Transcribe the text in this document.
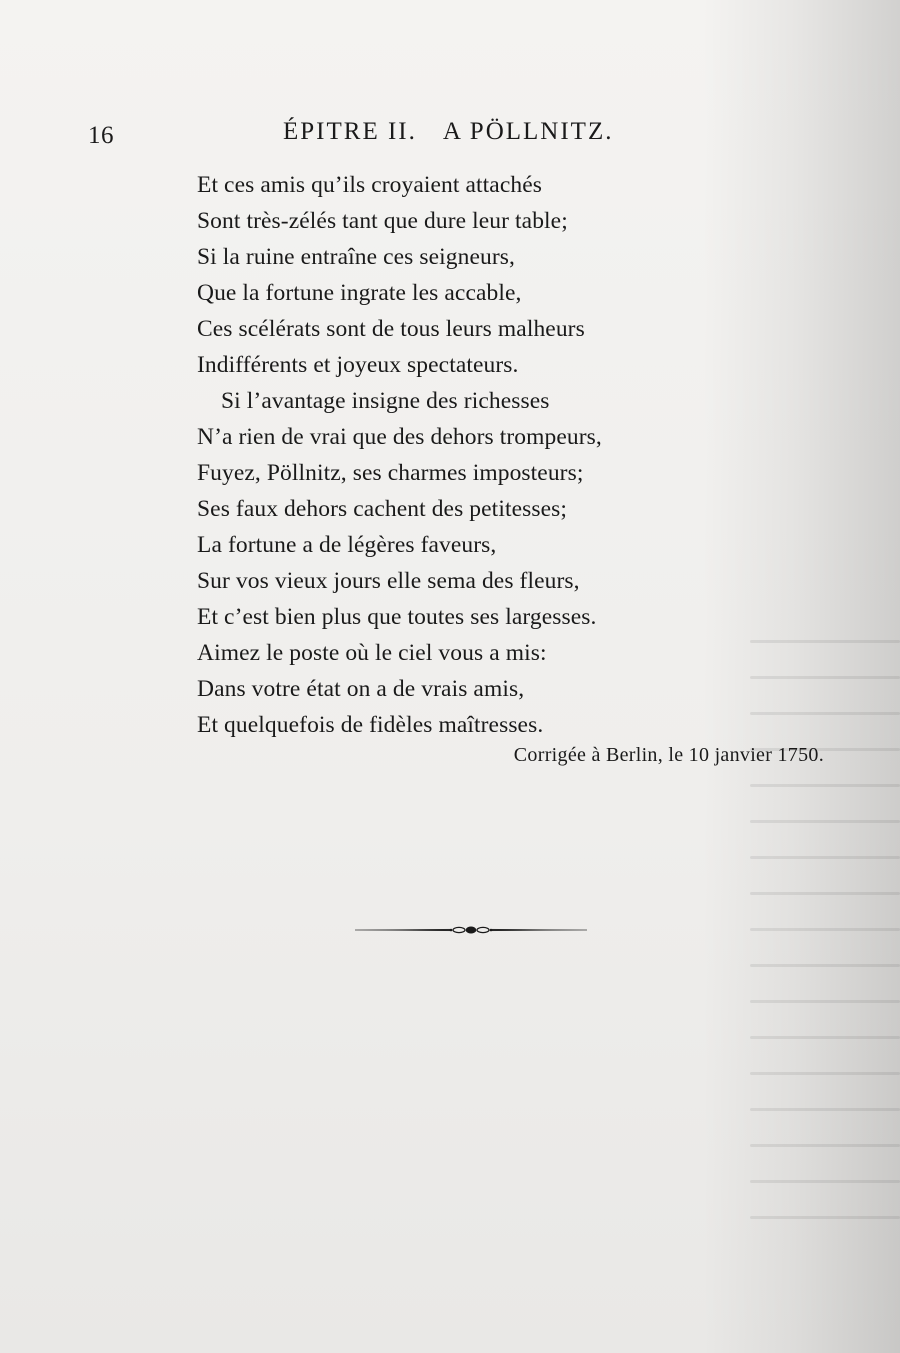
16	ÉPITRE II. A PÖLLNITZ.
Et ces amis qu’ils croyaient attachés
Sont très-zélés tant que dure leur table;
Si la ruine entraîne ces seigneurs,
Que la fortune ingrate les accable,
Ces scélérats sont de tous leurs malheurs
Indifférents et joyeux spectateurs.
Si l’avantage insigne des richesses
N’a rien de vrai que des dehors trompeurs,
Fuyez, Pöllnitz, ses charmes imposteurs;
Ses faux dehors cachent des petitesses;
La fortune a de légères faveurs,
Sur vos vieux jours elle sema des fleurs,
Et c’est bien plus que toutes ses largesses.
Aimez le poste où le ciel vous a mis:
Dans votre état on a de vrais amis,
Et quelquefois de fidèles maîtresses.
Corrigée à Berlin, le 10 janvier 1750.
